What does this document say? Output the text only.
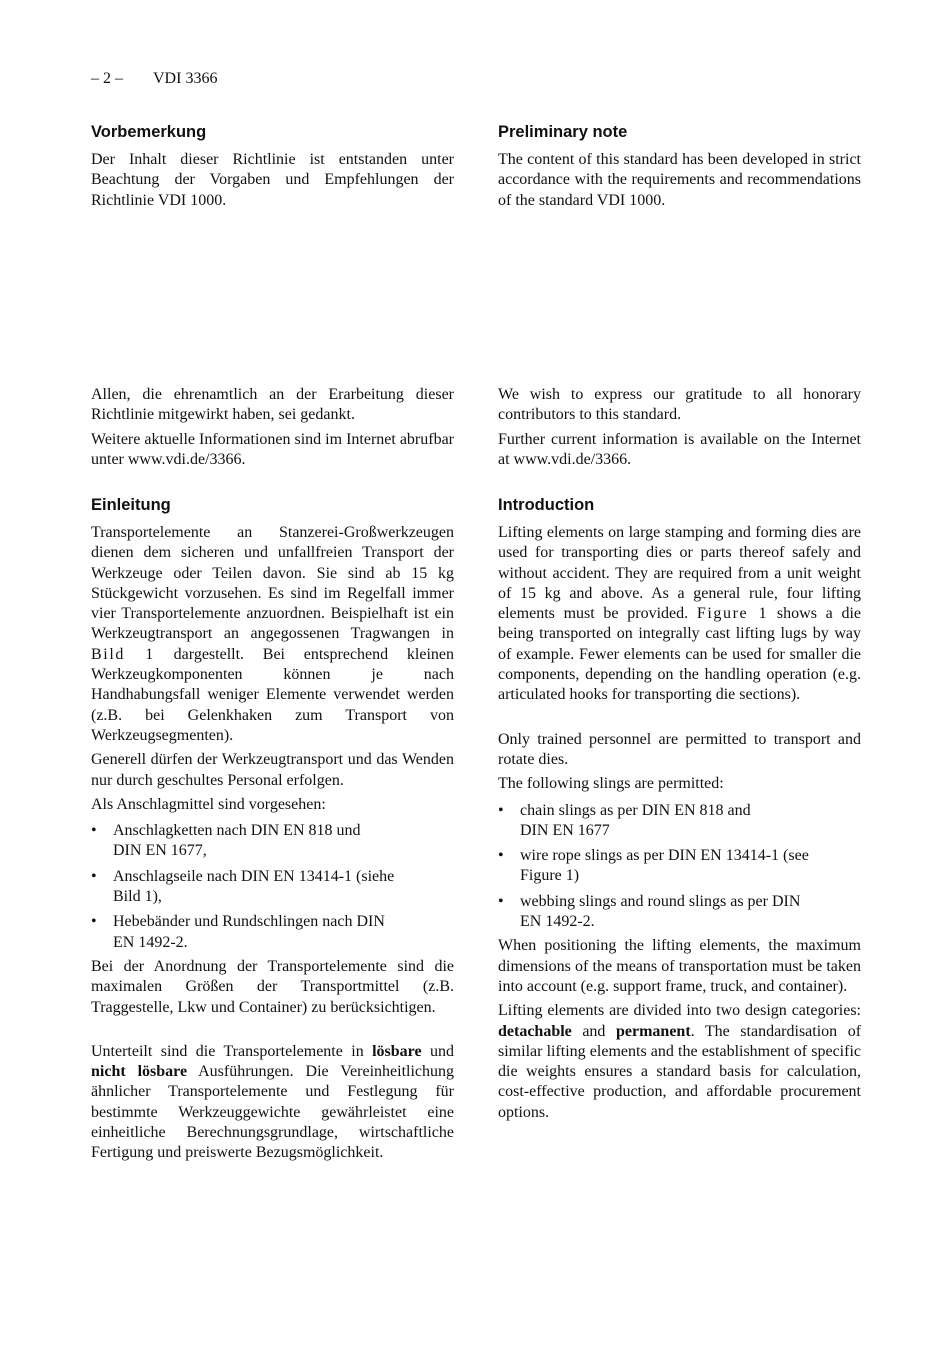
– 2 – VDI 3366
Vorbemerkung

Der Inhalt dieser Richtlinie ist entstanden unter Beachtung der Vorgaben und Empfehlungen der Richtlinie VDI 1000.

Allen, die ehrenamtlich an der Erarbeitung dieser Richtlinie mitgewirkt haben, sei gedankt.

Weitere aktuelle Informationen sind im Internet abrufbar unter www.vdi.de/3366.

Einleitung

Transportelemente an Stanzerei-Großwerkzeugen dienen dem sicheren und unfallfreien Transport der Werkzeuge oder Teilen davon. Sie sind ab 15 kg Stückgewicht vorzusehen. Es sind im Regelfall immer vier Transportelemente anzuordnen. Beispielhaft ist ein Werkzeugtransport an angegossenen Tragwangen in Bild 1 dargestellt. Bei entsprechend kleinen Werkzeugkomponenten können je nach Handhabungsfall weniger Elemente verwendet werden (z.B. bei Gelenkhaken zum Transport von Werkzeugsegmenten).

Generell dürfen der Werkzeugtransport und das Wenden nur durch geschultes Personal erfolgen.

Als Anschlagmittel sind vorgesehen:

• Anschlagketten nach DIN EN 818 und
DIN EN 1677,
• Anschlagseile nach DIN EN 13414-1 (siehe
Bild 1),
• Hebebänder und Rundschlingen nach DIN
EN 1492-2.

Bei der Anordnung der Transportelemente sind die maximalen Größen der Transportmittel (z.B. Traggestelle, Lkw und Container) zu berücksichtigen.

Unterteilt sind die Transportelemente in lösbare und nicht lösbare Ausführungen. Die Vereinheitlichung ähnlicher Transportelemente und Festlegung für bestimmte Werkzeuggewichte gewährleistet eine einheitliche Berechnungsgrundlage, wirtschaftliche Fertigung und preiswerte Bezugsmöglichkeit.

Preliminary note

The content of this standard has been developed in strict accordance with the requirements and recommendations of the standard VDI 1000.

We wish to express our gratitude to all honorary contributors to this standard.

Further current information is available on the Internet at www.vdi.de/3366.

Introduction

Lifting elements on large stamping and forming dies are used for transporting dies or parts thereof safely and without accident. They are required from a unit weight of 15 kg and above. As a general rule, four lifting elements must be provided. Figure 1 shows a die being transported on integrally cast lifting lugs by way of example. Fewer elements can be used for smaller die components, depending on the handling operation (e.g. articulated hooks for transporting die sections).

Only trained personnel are permitted to transport and rotate dies.

The following slings are permitted:

• chain slings as per DIN EN 818 and
DIN EN 1677
• wire rope slings as per DIN EN 13414-1 (see
Figure 1)
• webbing slings and round slings as per DIN
EN 1492-2.

When positioning the lifting elements, the maximum dimensions of the means of transportation must be taken into account (e.g. support frame, truck, and container).

Lifting elements are divided into two design categories: detachable and permanent. The standardisation of similar lifting elements and the establishment of specific die weights ensures a standard basis for calculation, cost-effective production, and affordable procurement options.
